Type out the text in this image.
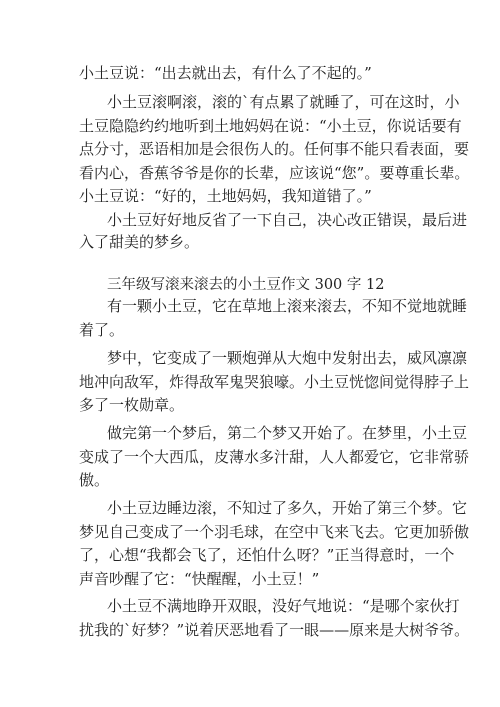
小土豆说：“出去就出去，有什么了不起的。”
小土豆滚啊滚，滚的`有点累了就睡了，可在这时，小
土豆隐隐约约地听到土地妈妈在说：“小土豆，你说话要有
点分寸，恶语相加是会很伤人的。任何事不能只看表面，要
看内心，香蕉爷爷是你的长辈，应该说“您”。要尊重长辈。
小土豆说：“好的，土地妈妈，我知道错了。”
小土豆好好地反省了一下自己，决心改正错误，最后进
入了甜美的梦乡。
三年级写滚来滚去的小土豆作文 300 字 12
有一颗小土豆，它在草地上滚来滚去，不知不觉地就睡
着了。
梦中，它变成了一颗炮弹从大炮中发射出去，威风凛凛
地冲向敌军，炸得敌军鬼哭狼嚎。小土豆恍惚间觉得脖子上
多了一枚勋章。
做完第一个梦后，第二个梦又开始了。在梦里，小土豆
变成了一个大西瓜，皮薄水多汁甜，人人都爱它，它非常骄
傲。
小土豆边睡边滚，不知过了多久，开始了第三个梦。它
梦见自己变成了一个羽毛球，在空中飞来飞去。它更加骄傲
了，心想“我都会飞了，还怕什么呀？”正当得意时，一个
声音吵醒了它：“快醒醒，小土豆！”
小土豆不满地睁开双眼，没好气地说：“是哪个家伙打
扰我的`好梦？”说着厌恶地看了一眼——原来是大树爷爷。
